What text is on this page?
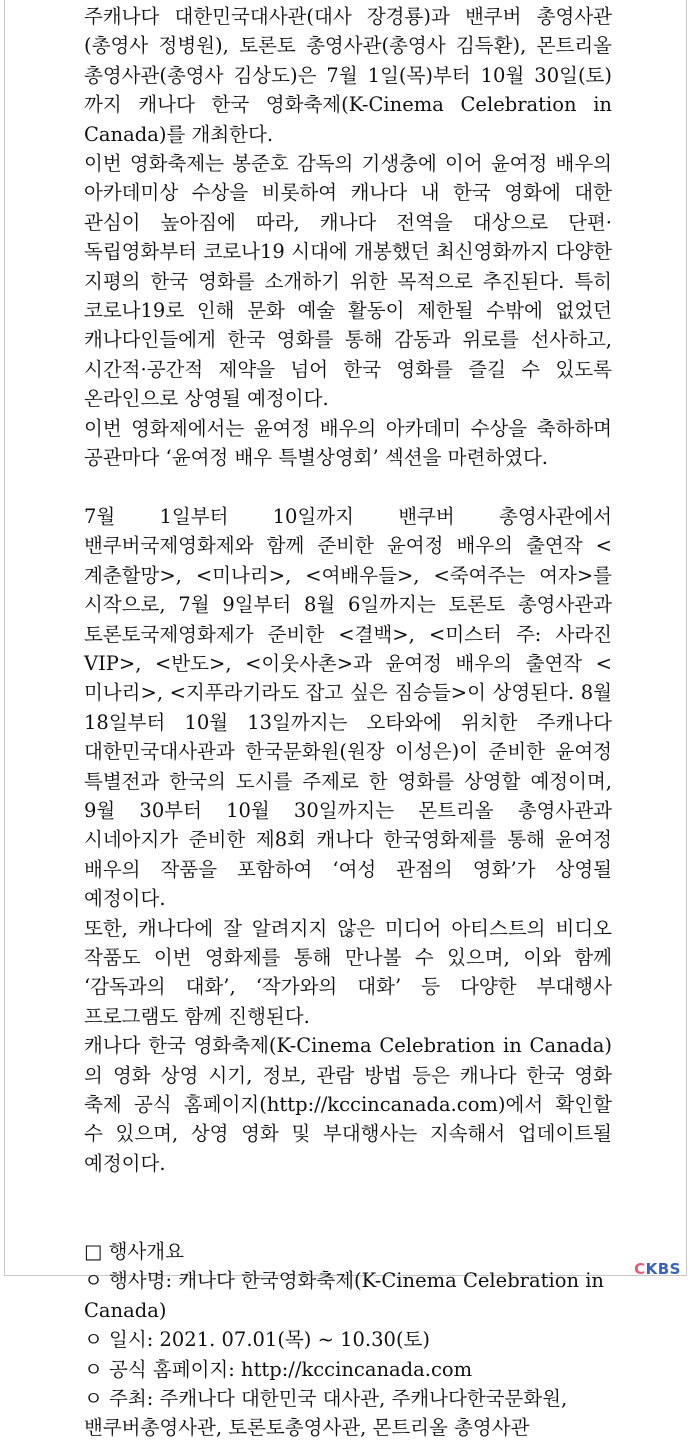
주캐나다 대한민국대사관(대사 장경룡)과 밴쿠버 총영사관(총영사 정병원), 토론토 총영사관(총영사 김득환), 몬트리올 총영사관(총영사 김상도)은 7월 1일(목)부터 10월 30일(토)까지 캐나다 한국 영화축제(K-Cinema Celebration in Canada)를 개최한다.

이번 영화축제는 봉준호 감독의 기생충에 이어 윤여정 배우의 아카데미상 수상을 비롯하여 캐나다 내 한국 영화에 대한 관심이 높아짐에 따라, 캐나다 전역을 대상으로 단편·독립영화부터 코로나19 시대에 개봉했던 최신영화까지 다양한 지평의 한국 영화를 소개하기 위한 목적으로 추진된다. 특히 코로나19로 인해 문화 예술 활동이 제한될 수밖에 없었던 캐나다인들에게 한국 영화를 통해 감동과 위로를 선사하고, 시간적·공간적 제약을 넘어 한국 영화를 즐길 수 있도록 온라인으로 상영될 예정이다.

이번 영화제에서는 윤여정 배우의 아카데미 수상을 축하하며 공관마다 ‘윤여정 배우 특별상영회’ 섹션을 마련하였다.

7월 1일부터 10일까지 밴쿠버 총영사관에서 밴쿠버국제영화제와 함께 준비한 윤여정 배우의 출연작 <계춘할망>, <미나리>, <여배우들>, <죽여주는 여자>를 시작으로, 7월 9일부터 8월 6일까지는 토론토 총영사관과 토론토국제영화제가 준비한 <결백>, <미스터 주: 사라진 VIP>, <반도>, <이웃사촌>과 윤여정 배우의 출연작 <미나리>, <지푸라기라도 잡고 싶은 짐승들>이 상영된다. 8월 18일부터 10월 13일까지는 오타와에 위치한 주캐나다 대한민국대사관과 한국문화원(원장 이성은)이 준비한 윤여정 특별전과 한국의 도시를 주제로 한 영화를 상영할 예정이며, 9월 30부터 10월 30일까지는 몬트리올 총영사관과 시네아지가 준비한 제8회 캐나다 한국영화제를 통해 윤여정 배우의 작품을 포함하여 ‘여성 관점의 영화’가 상영될 예정이다.

또한, 캐나다에 잘 알려지지 않은 미디어 아티스트의 비디오 작품도 이번 영화제를 통해 만나볼 수 있으며, 이와 함께 ‘감독과의 대화’, ‘작가와의 대화’ 등 다양한 부대행사 프로그램도 함께 진행된다.

캐나다 한국 영화축제(K-Cinema Celebration in Canada)의 영화 상영 시기, 정보, 관람 방법 등은 캐나다 한국 영화 축제 공식 홈페이지(http://kccincanada.com)에서 확인할 수 있으며, 상영 영화 및 부대행사는 지속해서 업데이트될 예정이다.

□ 행사개요
ㅇ 행사명: 캐나다 한국영화축제(K-Cinema Celebration in Canada)
ㅇ 일시: 2021. 07.01(목) ~ 10.30(토)
ㅇ 공식 홈페이지: http://kccincanada.com
ㅇ 주최: 주캐나다 대한민국 대사관, 주캐나다한국문화원, 밴쿠버총영사관, 토론토총영사관, 몬트리올 총영사관
CKBS
